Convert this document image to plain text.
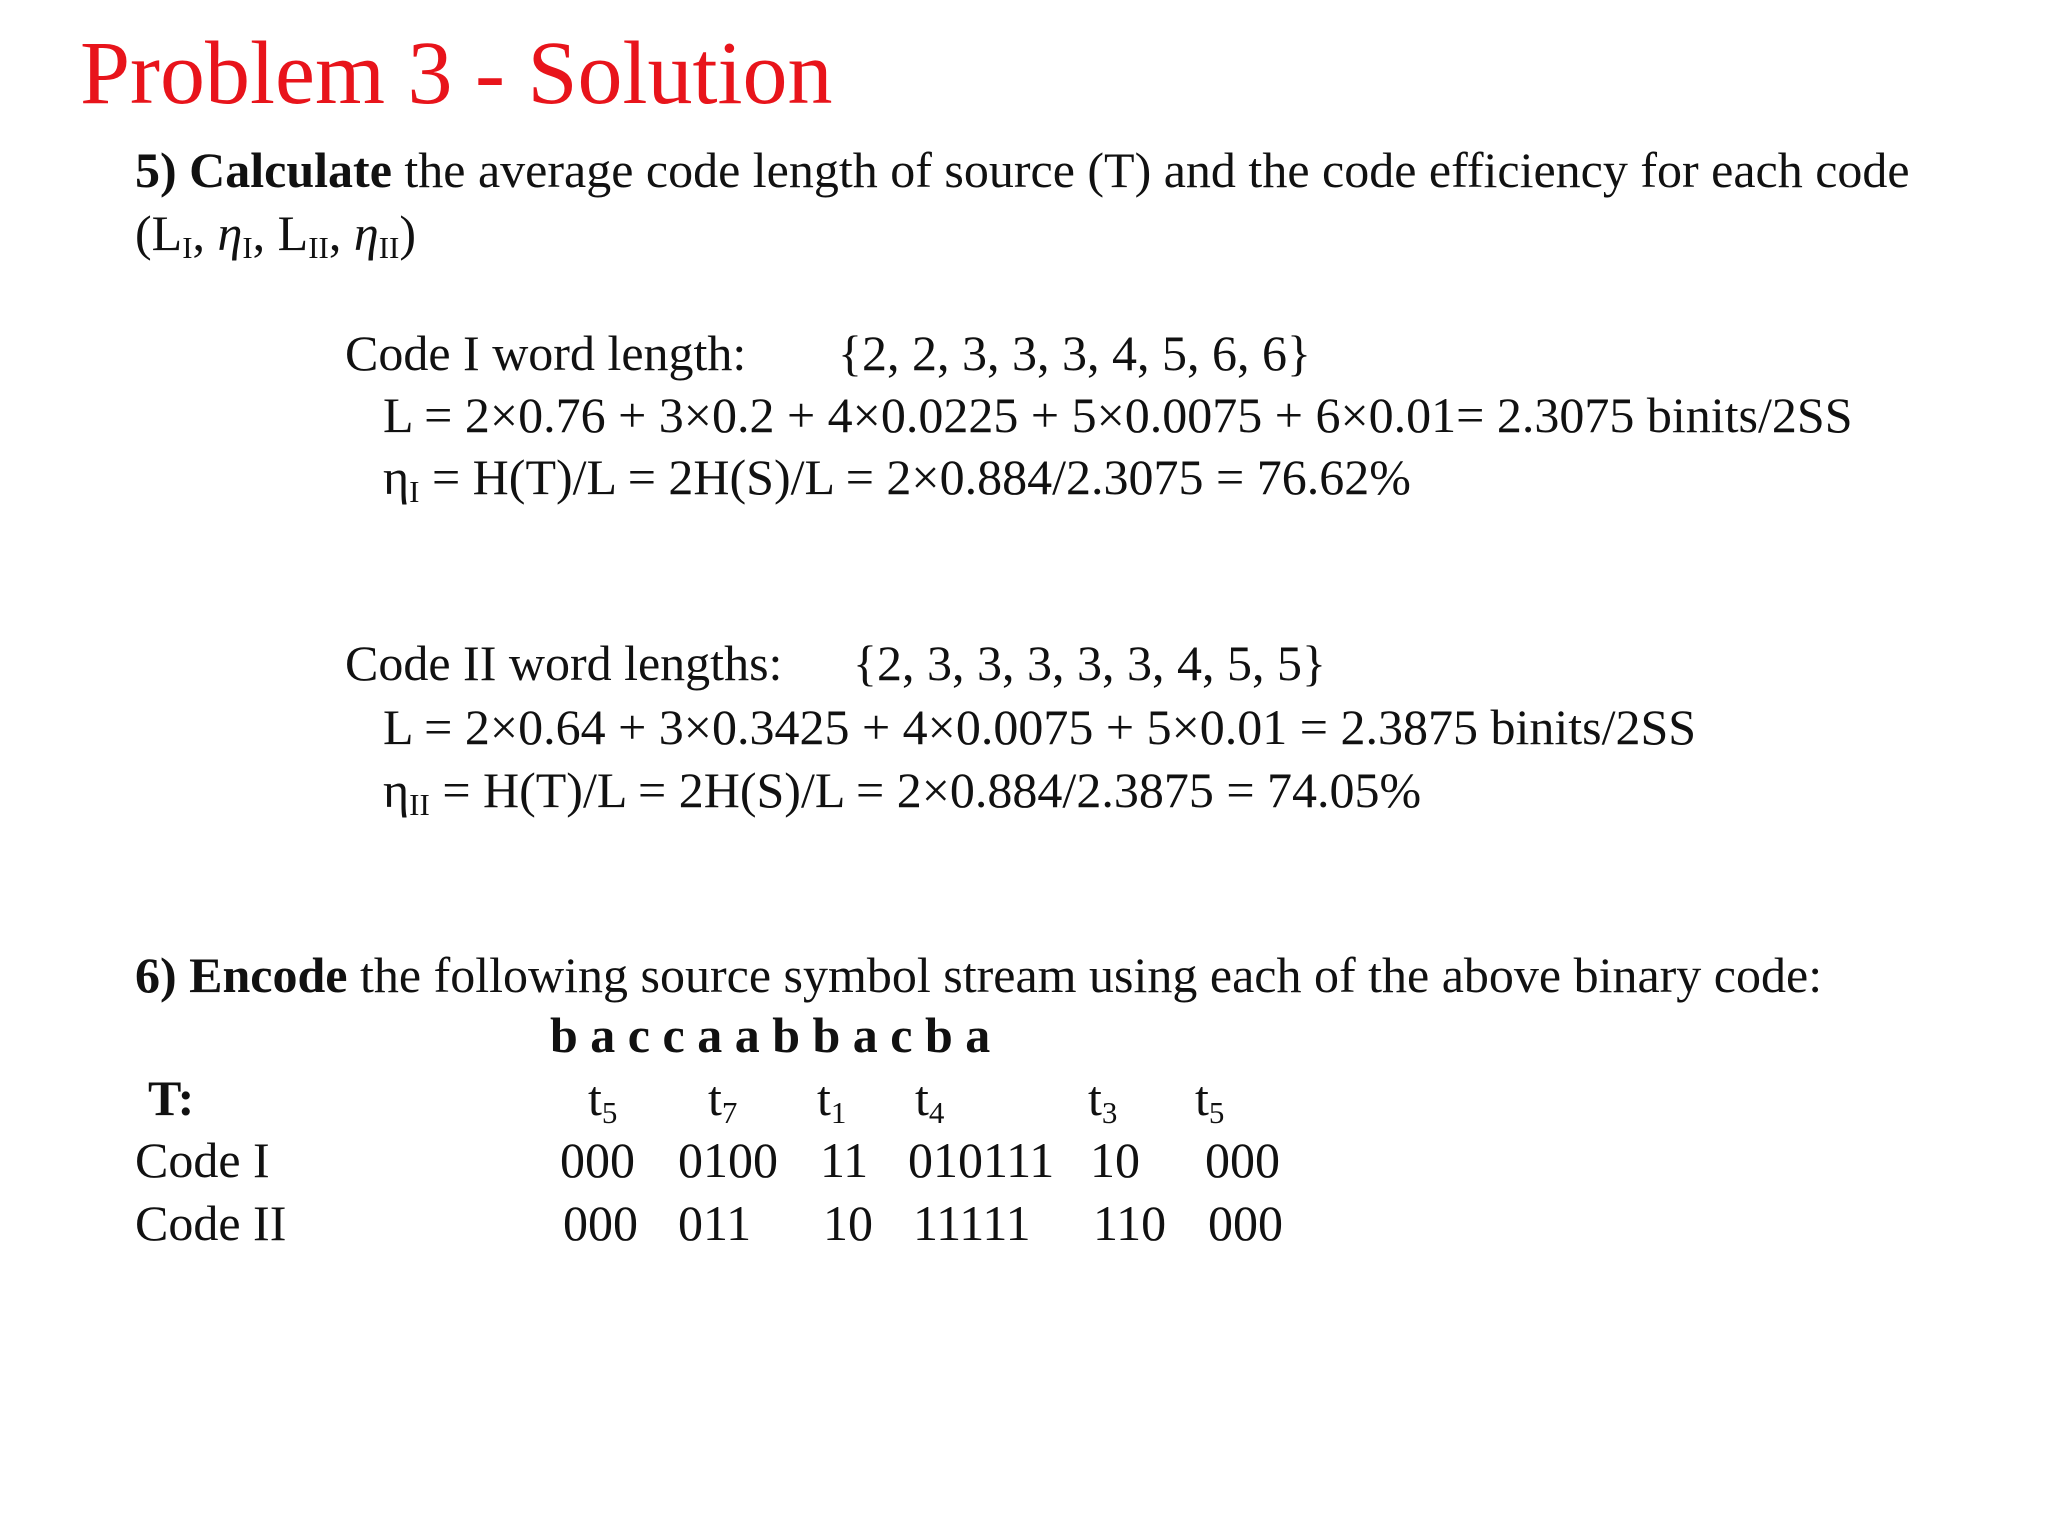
Problem 3 - Solution
5) Calculate the average code length of source (T) and the code efficiency for each code
($L_I$, $\eta_I$, $L_{II}$, $\eta_{II}$)
Code I word length: {2, 2, 3, 3, 3, 4, 5, 6, 6}
L = 2×0.76 + 3×0.2 + 4×0.0225 + 5×0.0075 + 6×0.01= 2.3075 binits/2SS
$\eta_I = H(T)/L = 2H(S)/L = 2\times 0.884/2.3075 = 76.62\%$
Code II word lengths: {2, 3, 3, 3, 3, 3, 4, 5, 5}
L = 2×0.64 + 3×0.3425 + 4×0.0075 + 5×0.01 = 2.3875 binits/2SS
$\eta_{II} = H(T)/L = 2H(S)/L = 2\times 0.884/2.3875 = 74.05\%$
6) Encode the following source symbol stream using each of the above binary code:
b a c c a a b b a c b a
T:
Code I
Code II
$t_5$ $t_7$ $t_1$ $t_4$	$t_3$ $t_5$
000 0100 11 010111 10 000
000 011 10 11111 110 000
